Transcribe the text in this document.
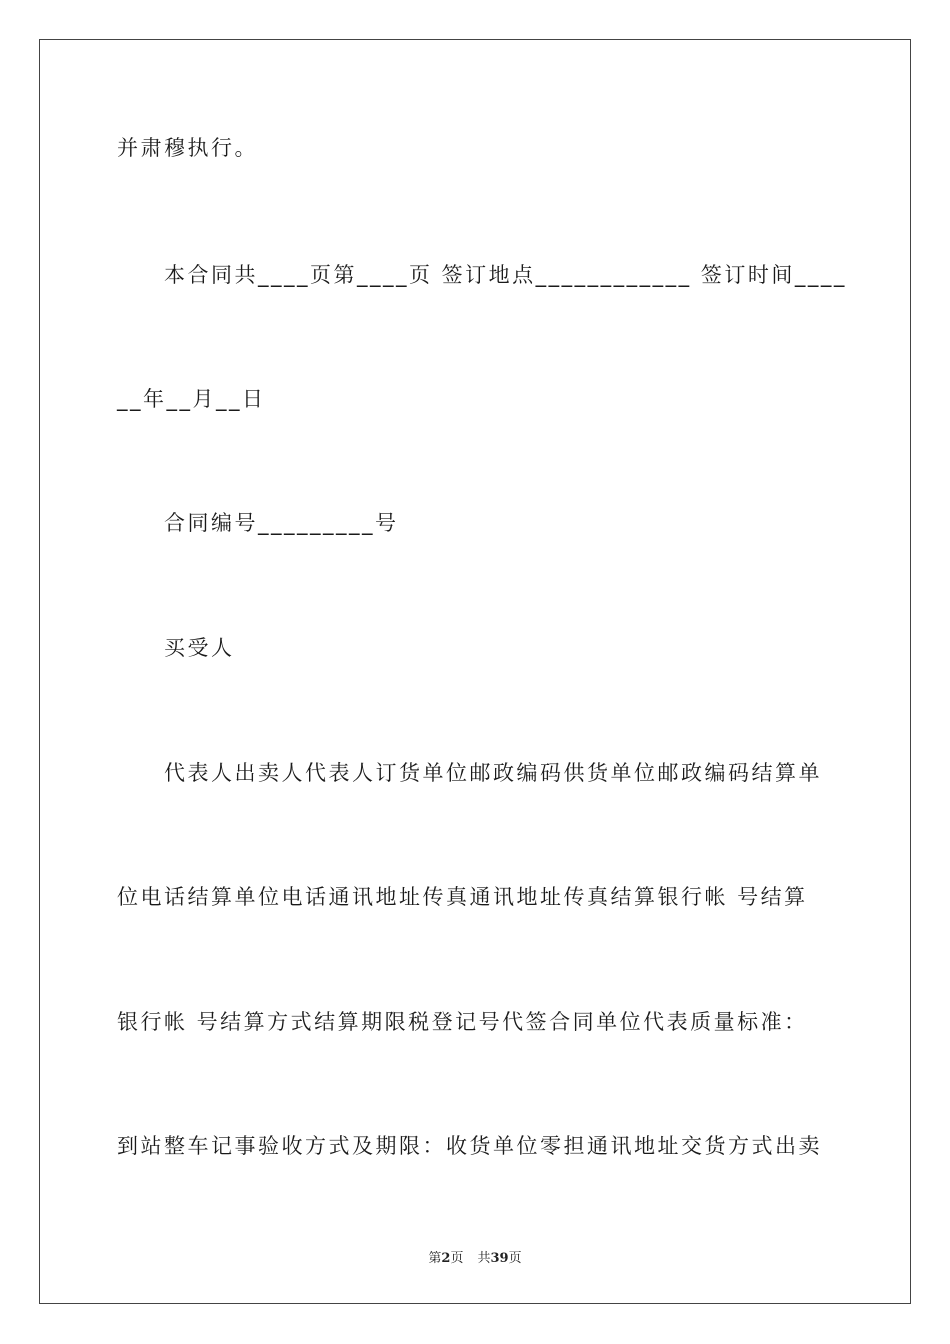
并肃穆执行。
本合同共____页第____页 签订地点____________ 签订时间____
__年__月__日
合同编号_________号
买受人
代表人出卖人代表人订货单位邮政编码供货单位邮政编码结算单
位电话结算单位电话通讯地址传真通讯地址传真结算银行帐 号结算
银行帐 号结算方式结算期限税登记号代签合同单位代表质量标准：
到站整车记事验收方式及期限：收货单位零担通讯地址交货方式出卖
第2页 共39页
